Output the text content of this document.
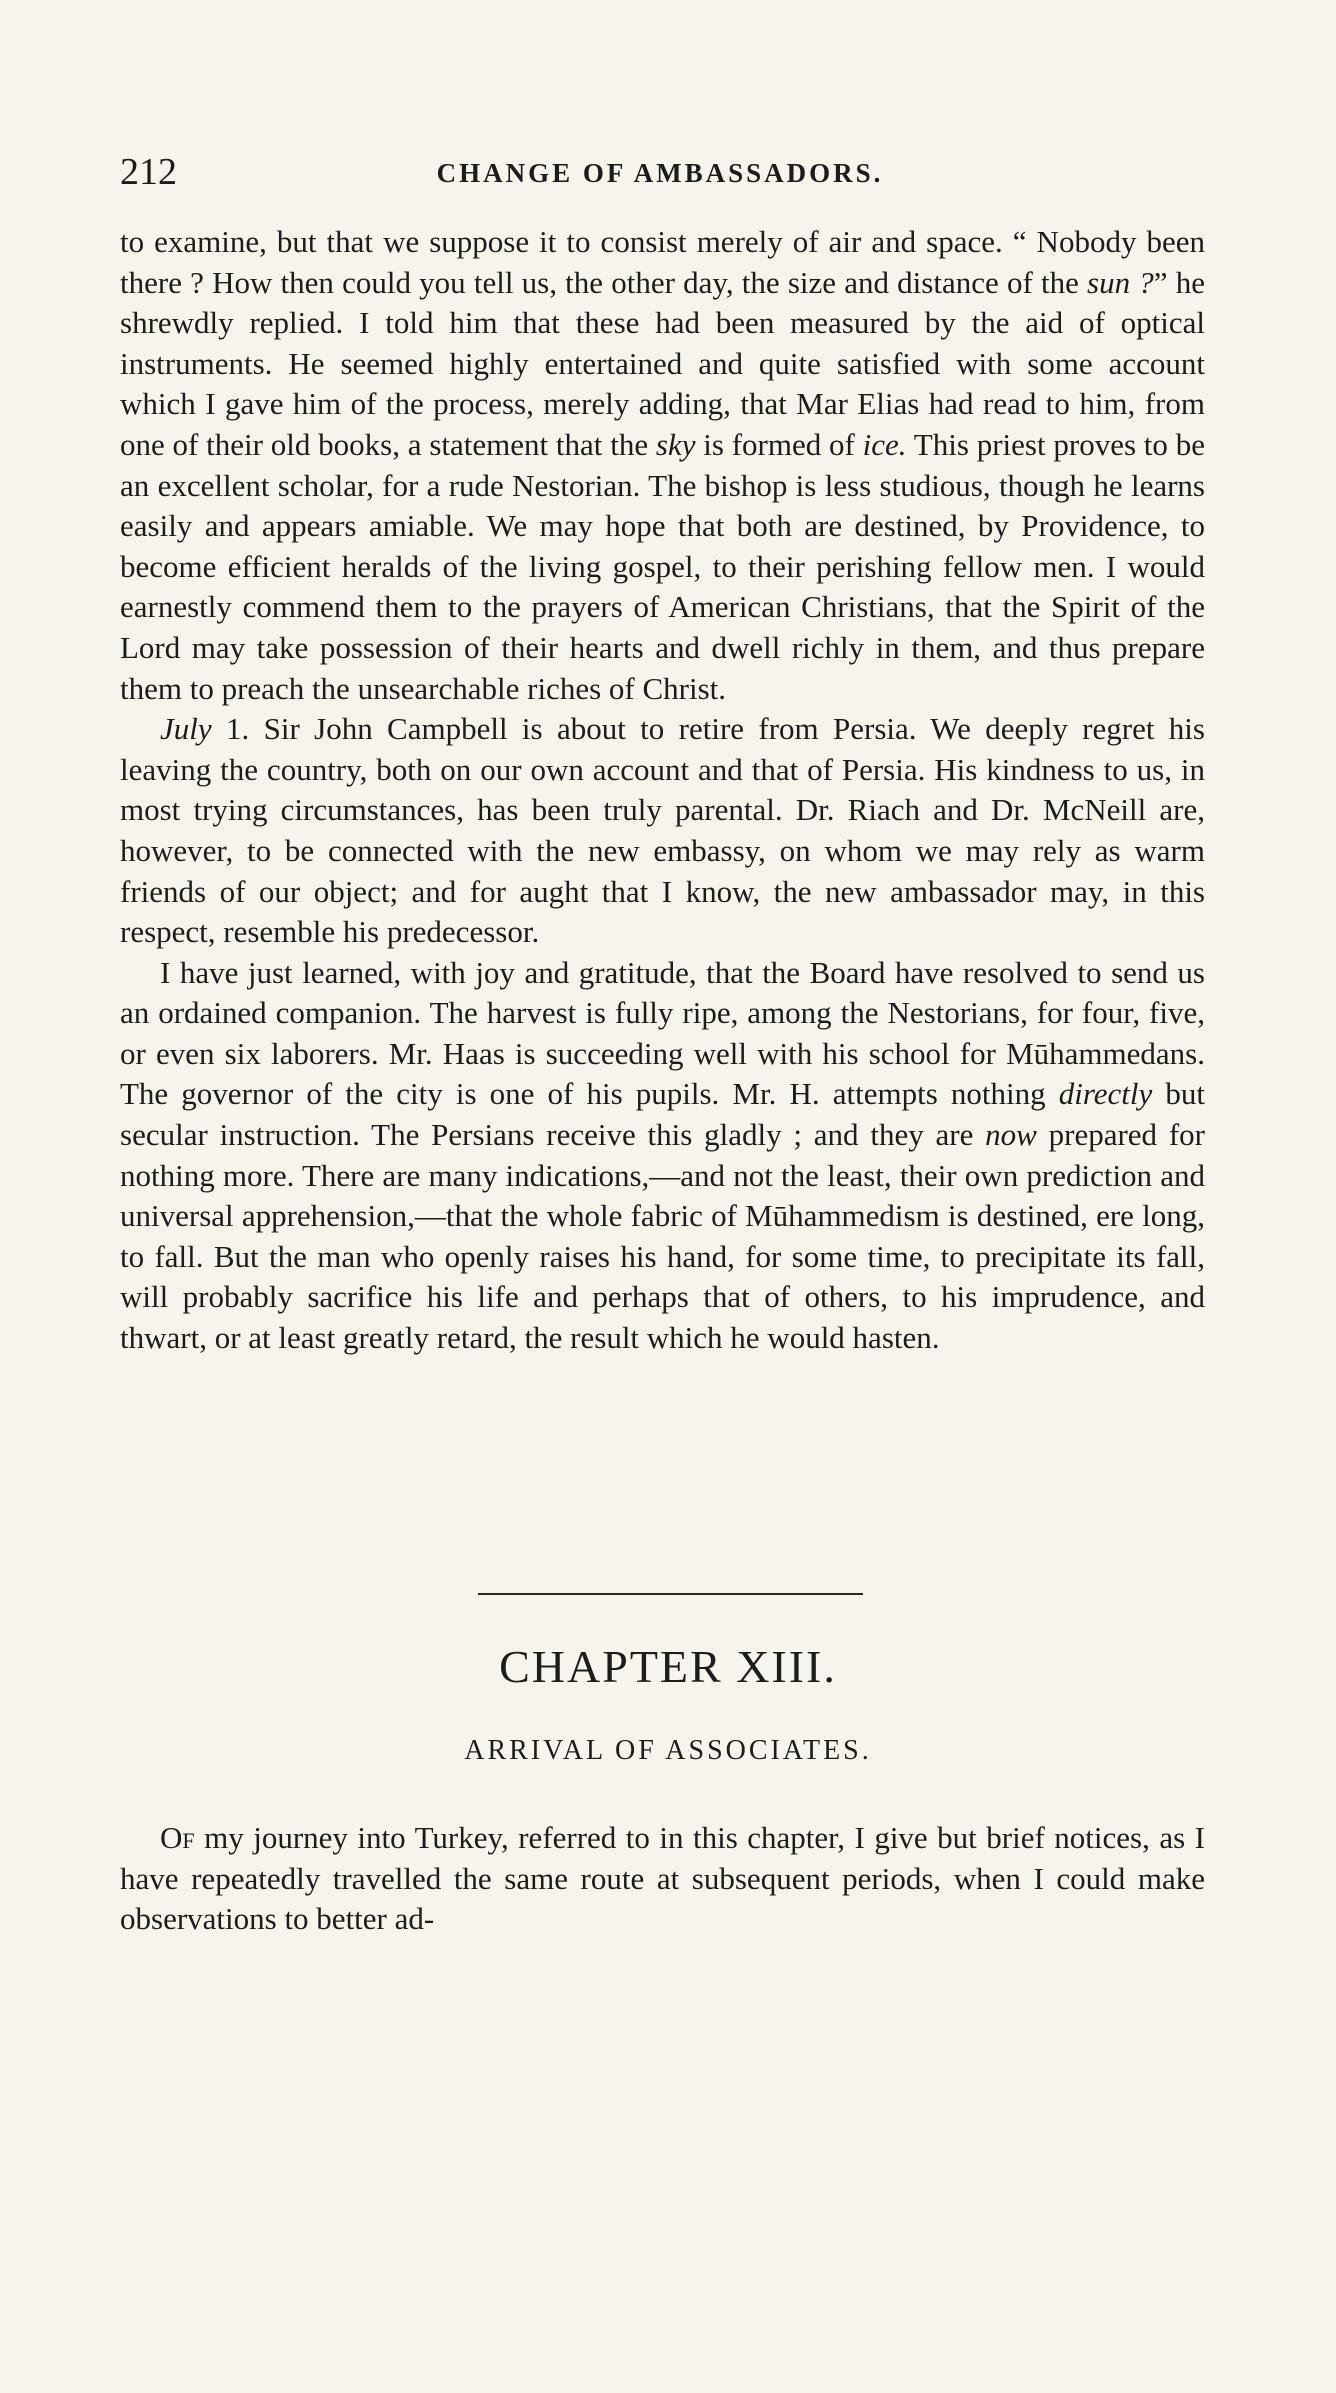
212	CHANGE OF AMBASSADORS.

to examine, but that we suppose it to consist merely of air and space. “ Nobody been there ? How then could you tell us, the other day, the size and distance of the sun ?” he shrewdly replied. I told him that these had been measured by the aid of optical instruments. He seemed highly entertained and quite satisfied with some account which I gave him of the process, merely adding, that Mar Elias had read to him, from one of their old books, a statement that the sky is formed of ice. This priest proves to be an excellent scholar, for a rude Nestorian. The bishop is less studious, though he learns easily and appears amiable. We may hope that both are destined, by Providence, to become efficient heralds of the living gospel, to their perishing fellow men. I would earnestly commend them to the prayers of American Christians, that the Spirit of the Lord may take possession of their hearts and dwell richly in them, and thus prepare them to preach the unsearchable riches of Christ.

July 1. Sir John Campbell is about to retire from Persia. We deeply regret his leaving the country, both on our own account and that of Persia. His kindness to us, in most trying circumstances, has been truly parental. Dr. Riach and Dr. McNeill are, however, to be connected with the new embassy, on whom we may rely as warm friends of our object; and for aught that I know, the new ambassador may, in this respect, resemble his predecessor.

I have just learned, with joy and gratitude, that the Board have resolved to send us an ordained companion. The harvest is fully ripe, among the Nestorians, for four, five, or even six laborers. Mr. Haas is succeeding well with his school for Mūhammedans. The governor of the city is one of his pupils. Mr. H. attempts nothing directly but secular instruction. The Persians receive this gladly ; and they are now prepared for nothing more. There are many indications,—and not the least, their own prediction and universal apprehension,—that the whole fabric of Mūhammedism is destined, ere long, to fall. But the man who openly raises his hand, for some time, to precipitate its fall, will probably sacrifice his life and perhaps that of others, to his imprudence, and thwart, or at least greatly retard, the result which he would hasten.

CHAPTER XIII.
ARRIVAL OF ASSOCIATES.

Of my journey into Turkey, referred to in this chapter, I give but brief notices, as I have repeatedly travelled the same route at subsequent periods, when I could make observations to better ad-
